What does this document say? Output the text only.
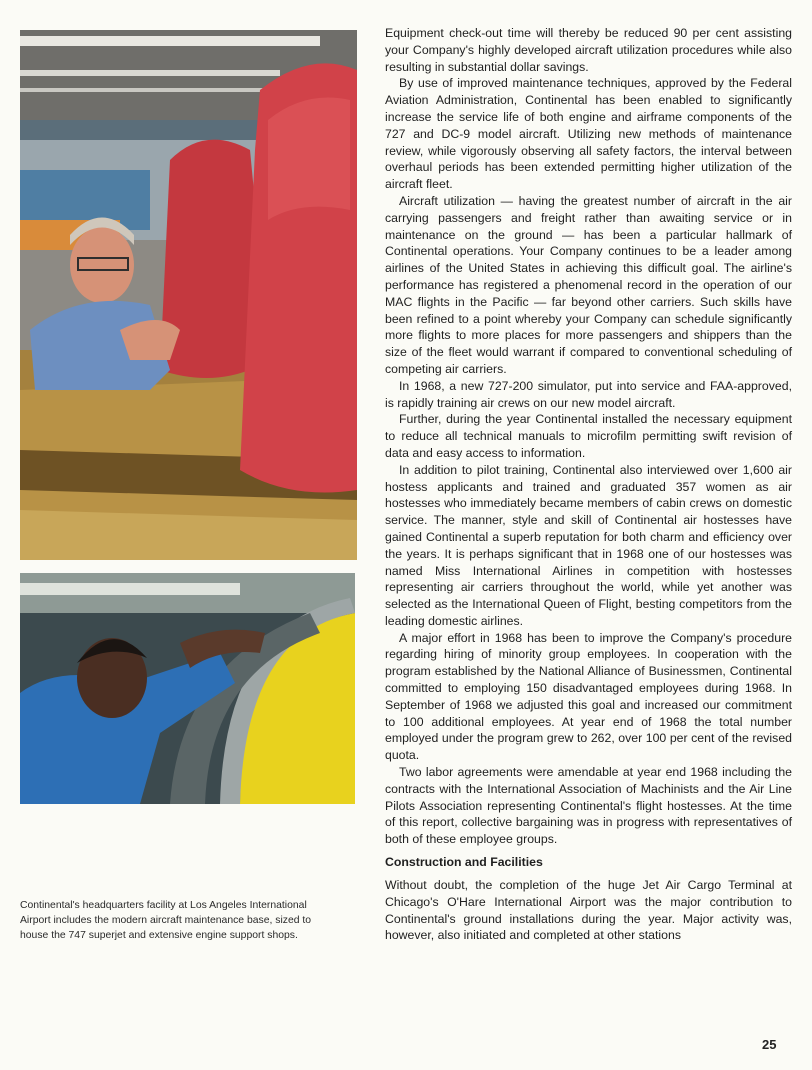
Continental's headquarters facility at Los Angeles International Airport includes the modern aircraft maintenance base, sized to house the 747 superjet and extensive engine support shops.

Equipment check-out time will thereby be reduced 90 per cent assisting your Company's highly developed aircraft utilization procedures while also resulting in substantial dollar savings.

By use of improved maintenance techniques, approved by the Federal Aviation Administration, Continental has been enabled to significantly increase the service life of both engine and airframe components of the 727 and DC-9 model aircraft. Utilizing new methods of maintenance review, while vigorously observing all safety factors, the interval between overhaul periods has been extended permitting higher utilization of the aircraft fleet.

Aircraft utilization — having the greatest number of aircraft in the air carrying passengers and freight rather than awaiting service or in maintenance on the ground — has been a particular hallmark of Continental operations. Your Company continues to be a leader among airlines of the United States in achieving this difficult goal. The airline's performance has registered a phenomenal record in the operation of our MAC flights in the Pacific — far beyond other carriers. Such skills have been refined to a point whereby your Company can schedule significantly more flights to more places for more passengers and shippers than the size of the fleet would warrant if compared to conventional scheduling of competing air carriers.

In 1968, a new 727-200 simulator, put into service and FAA-approved, is rapidly training air crews on our new model aircraft.

Further, during the year Continental installed the necessary equipment to reduce all technical manuals to microfilm permitting swift revision of data and easy access to information.

In addition to pilot training, Continental also interviewed over 1,600 air hostess applicants and trained and graduated 357 women as air hostesses who immediately became members of cabin crews on domestic service. The manner, style and skill of Continental air hostesses have gained Continental a superb reputation for both charm and efficiency over the years. It is perhaps significant that in 1968 one of our hostesses was named Miss International Airlines in competition with hostesses representing air carriers throughout the world, while yet another was selected as the International Queen of Flight, besting competitors from the leading domestic airlines.

A major effort in 1968 has been to improve the Company's procedure regarding hiring of minority group employees. In cooperation with the program established by the National Alliance of Businessmen, Continental committed to employing 150 disadvantaged employees during 1968. In September of 1968 we adjusted this goal and increased our commitment to 100 additional employees. At year end of 1968 the total number employed under the program grew to 262, over 100 per cent of the revised quota.

Two labor agreements were amendable at year end 1968 including the contracts with the International Association of Machinists and the Air Line Pilots Association representing Continental's flight hostesses. At the time of this report, collective bargaining was in progress with representatives of both of these employee groups.

Construction and Facilities

Without doubt, the completion of the huge Jet Air Cargo Terminal at Chicago's O'Hare International Airport was the major contribution to Continental's ground installations during the year. Major activity was, however, also initiated and completed at other stations

25
